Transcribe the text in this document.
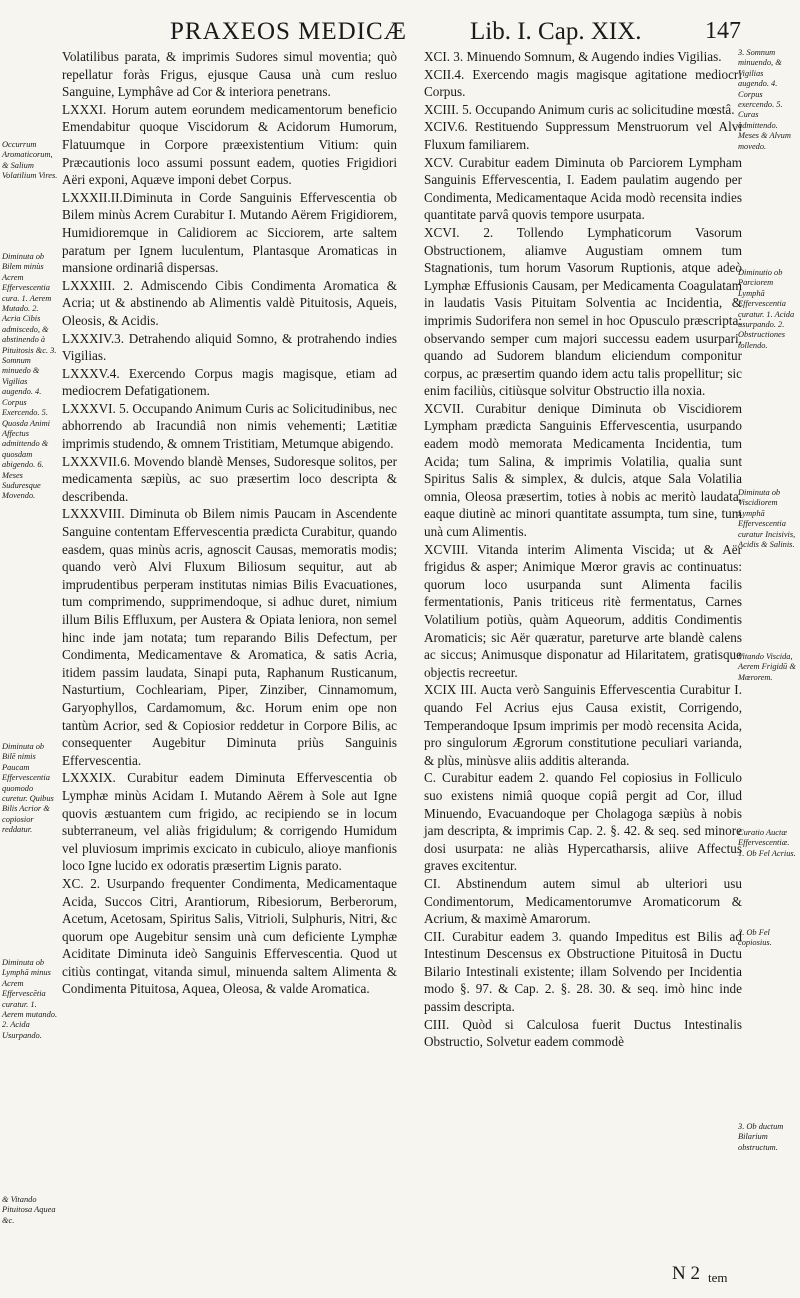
PRAXEOS MEDICÆ	Lib. I. Cap. XIX.	147
Occurrum Aromaticorum, & Salium Volatilium Vires.
Diminuta ob Bilem minùs Acrem Effervescentia cura. 1. Aerem Mutado. 2. Acria Cibis admiscedo, & abstinendo à Pituitosis &c. 3. Somnum minuedo & Vigilias augendo. 4. Corpus Exercendo. 5. Quosda Animi Affectus admittendo & quosdam abigendo. 6. Meses Suduresque Movendo.
Diminuta ob Bilē nimis Paucam Effervescentia quomodo curetur. Quibus Bilis Acrior & copiosior reddatur.
Diminuta ob Lymphā minus Acrem Effervescētia curatur. 1. Aerem mutando. 2. Acida Usurpando.
& Vitando Pituitosa Aquea &c.

Volatilibus parata, & imprimis Sudores simul moventia; quò repellatur foràs Frigus, ejusque Causa unà cum resluo Sanguine, Lymphâve ad Cor & interiora penetrans.

LXXXI. Horum autem eorundem medicamentorum beneficio Emendabitur quoque Viscidorum & Acidorum Humorum, Flatuumque in Corpore præexistentium Vitium: quin Præcautionis loco assumi possunt eadem, quoties Frigidiori Aëri exponi, Aquæve imponi debet Corpus.

LXXXII.II.Diminuta in Corde Sanguinis Effervescentia ob Bilem minùs Acrem Curabitur I. Mutando Aërem Frigidiorem, Humidioremque in Calidiorem ac Sicciorem, arte saltem paratum per Ignem luculentum, Plantasque Aromaticas in mansione ordinariâ dispersas.

LXXXIII. 2. Admiscendo Cibis Condimenta Aromatica & Acria; ut & abstinendo ab Alimentis valdè Pituitosis, Aqueis, Oleosis, & Acidis.

LXXXIV.3. Detrahendo aliquid Somno, & protrahendo indies Vigilias.

LXXXV.4. Exercendo Corpus magis magisque, etiam ad mediocrem Defatigationem.

LXXXVI. 5. Occupando Animum Curis ac Solicitudinibus, nec abhorrendo ab Iracundiâ non nimis vehementi; Lætitiæ imprimis studendo, & omnem Tristitiam, Metumque abigendo.

LXXXVII.6. Movendo blandè Menses, Sudoresque solitos, per medicamenta sæpiùs, ac suo præsertim loco descripta & describenda.

LXXXVIII. Diminuta ob Bilem nimis Paucam in Ascendente Sanguine contentam Effervescentia prædicta Curabitur, quando easdem, quas minùs acris, agnoscit Causas, memoratis modis; quando verò Alvi Fluxum Biliosum sequitur, aut ab imprudentibus perperam institutas nimias Bilis Evacuationes, tum comprimendo, supprimendoque, si adhuc duret, nimium illum Bilis Effluxum, per Austera & Opiata leniora, non semel hinc inde jam notata; tum reparando Bilis Defectum, per Condimenta, Medicamentave & Aromatica, & satis Acria, itidem passim laudata, Sinapi puta, Raphanum Rusticanum, Nasturtium, Cochleariam, Piper, Zinziber, Cinnamomum, Garyophyllos, Cardamomum, &c. Horum enim ope non tantùm Acrior, sed & Copiosior reddetur in Corpore Bilis, ac consequenter Augebitur Diminuta priùs Sanguinis Effervescentia.

LXXXIX. Curabitur eadem Diminuta Effervescentia ob Lymphæ minùs Acidam I. Mutando Aërem à Sole aut Igne quovis æstuantem cum frigido, ac recipiendo se in locum subterraneum, vel aliàs frigidulum; & corrigendo Humidum vel pluviosum imprimis excicato in cubiculo, alioye manfionis loco Igne lucido ex odoratis præsertim Lignis parato.

XC. 2. Usurpando frequenter Condimenta, Medicamentaque Acida, Succos Citri, Arantiorum, Ribesiorum, Berberorum, Acetum, Acetosam, Spiritus Salis, Vitrioli, Sulphuris, Nitri, &c quorum ope Augebitur sensim unà cum deficiente Lymphæ Aciditate Diminuta ideò Sanguinis Effervescentia. Quod ut citiùs contingat, vitanda simul, minuenda saltem Alimenta & Condimenta Pituitosa, Aquea, Oleosa, & valde Aromatica.

XCI. 3. Minuendo Somnum, & Augendo indies Vigilias.

XCII.4. Exercendo magis magisque agitatione mediocri Corpus.

XCIII. 5. Occupando Animum curis ac solicitudine mœstâ.

XCIV.6. Restituendo Suppressum Menstruorum vel Alvi Fluxum familiarem.

XCV. Curabitur eadem Diminuta ob Parciorem Lympham Sanguinis Effervescentia, I. Eadem paulatim augendo per Condimenta, Medicamentaque Acida modò recensita indies quantitate parvâ quovis tempore usurpata.

XCVI. 2. Tollendo Lymphaticorum Vasorum Obstructionem, aliamve Augustiam omnem tum Stagnationis, tum horum Vasorum Ruptionis, atque adeò Lymphæ Effusionis Causam, per Medicamenta Coagulatam in laudatis Vasis Pituitam Solventia ac Incidentia, & imprimis Sudorifera non semel in hoc Opusculo præscripta: observando semper cum majori successu eadem usurpari, quando ad Sudorem blandum eliciendum componitur corpus, ac præsertim quando idem actu talis propellitur; sic enim faciliùs, citiùsque solvitur Obstructio illa noxia.

XCVII. Curabitur denique Diminuta ob Viscidiorem Lympham prædicta Sanguinis Effervescentia, usurpando eadem modò memorata Medicamenta Incidentia, tum Acida; tum Salina, & imprimis Volatilia, qualia sunt Spiritus Salis & simplex, & dulcis, atque Sala Volatilia omnia, Oleosa præsertim, toties à nobis ac meritò laudata, eaque diutinè ac minori quantitate assumpta, tum sine, tum unà cum Alimentis.

XCVIII. Vitanda interim Alimenta Viscida; ut & Aër frigidus & asper; Animique Mœror gravis ac continuatus: quorum loco usurpanda sunt Alimenta facilis fermentationis, Panis triticeus ritè fermentatus, Carnes Volatilium potiùs, quàm Aqueorum, additis Condimentis Aromaticis; sic Aër quæratur, pareturve arte blandè calens ac siccus; Animusque disponatur ad Hilaritatem, gratisque objectis recreetur.

XCIX III. Aucta verò Sanguinis Effervescentia Curabitur I. quando Fel Acrius ejus Causa existit, Corrigendo, Temperandoque Ipsum imprimis per modò recensita Acida, pro singulorum Ægrorum constitutione peculiari varianda, & plùs, minùsve aliis additis alteranda.

C. Curabitur eadem 2. quando Fel copiosius in Folliculo suo existens nimiâ quoque copiâ pergit ad Cor, illud Minuendo, Evacuandoque per Cholagoga sæpiùs à nobis jam descripta, & imprimis Cap. 2. §. 42. & seq. sed minore dosi usurpata: ne aliàs Hypercatharsis, aliive Affectus graves excitentur.

CI. Abstinendum autem simul ab ulteriori usu Condimentorum, Medicamentorumve Aromaticorum & Acrium, & maximè Amarorum.

CII. Curabitur eadem 3. quando Impeditus est Bilis ad Intestinum Descensus ex Obstructione Pituitosâ in Ductu Bilario Intestinali existente; illam Solvendo per Incidentia modo §. 97. & Cap. 2. §. 28. 30. & seq. imò hinc inde passim descripta.

CIII. Quòd si Calculosa fuerit Ductus Intestinalis Obstructio, Solvetur eadem commodè

3. Somnum minuendo, & Vigilias augendo. 4. Corpus exercendo. 5. Curas admittendo. Meses & Alvum movedo.
Diminutio ob Parciorem Lymphā Effervescentia curatur. 1. Acida usurpando. 2. Obstructiones tollendo.
Diminuta ob Viscidiorem Lymphā Effervescentia curatur Incisivis, Acidis & Salinis.
Vitando Viscida, Aerem Frigidū & Mœrorem.
Curatio Auctæ Effervescentiæ. 1. Ob Fel Acrius.
2. Ob Fel copiosius.
3. Ob ductum Bilarium obstructum.
N 2 tem
